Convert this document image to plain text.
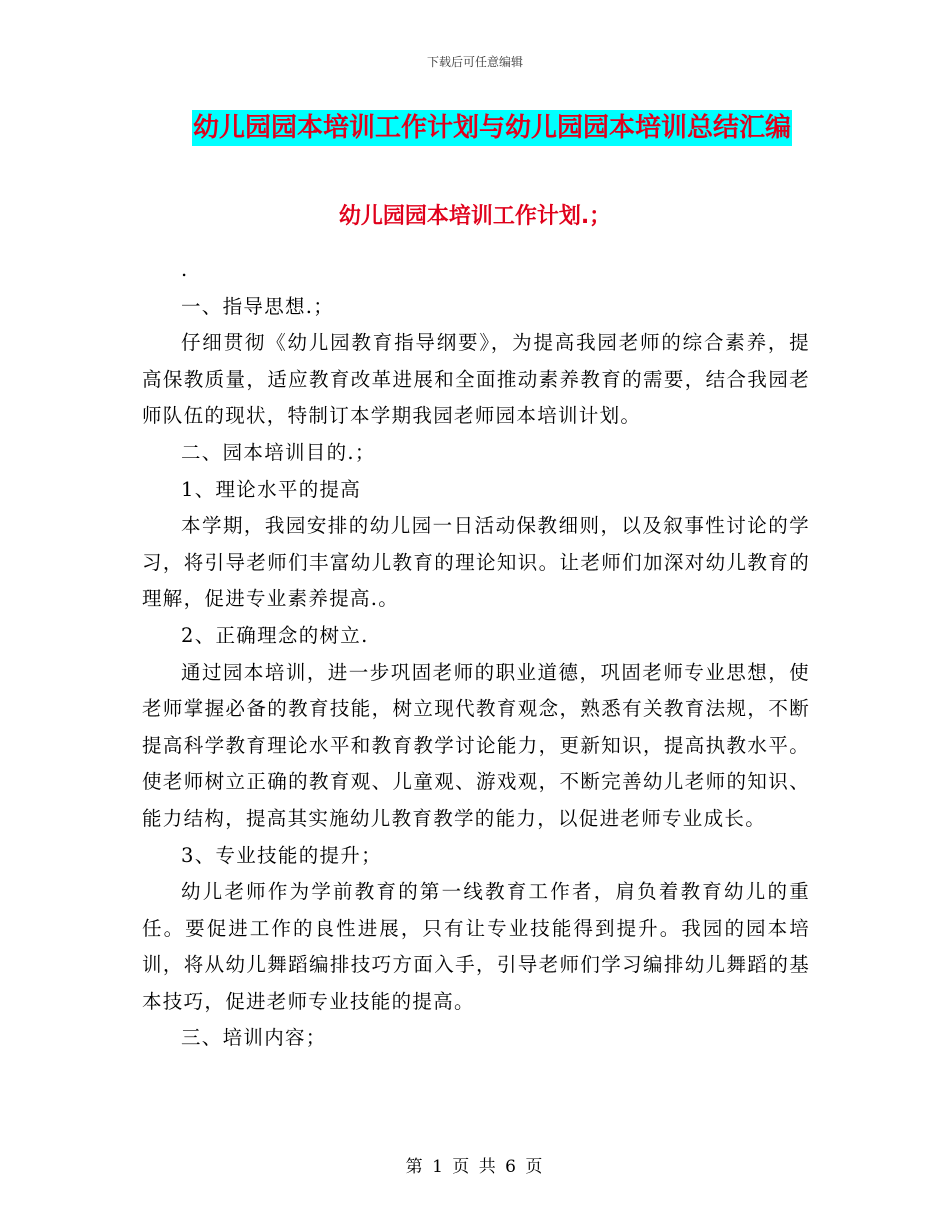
下载后可任意编辑
幼儿园园本培训工作计划与幼儿园园本培训总结汇编
幼儿园园本培训工作计划.；

.

一、指导思想.；

仔细贯彻《幼儿园教育指导纲要》，为提高我园老师的综合素养，提高保教质量，适应教育改革进展和全面推动素养教育的需要，结合我园老师队伍的现状，特制订本学期我园老师园本培训计划。

二、园本培训目的.；

1、理论水平的提高

本学期，我园安排的幼儿园一日活动保教细则，以及叙事性讨论的学习，将引导老师们丰富幼儿教育的理论知识。让老师们加深对幼儿教育的理解，促进专业素养提高.。

2、正确理念的树立.

通过园本培训，进一步巩固老师的职业道德，巩固老师专业思想，使老师掌握必备的教育技能，树立现代教育观念，熟悉有关教育法规，不断提高科学教育理论水平和教育教学讨论能力，更新知识，提高执教水平。使老师树立正确的教育观、儿童观、游戏观，不断完善幼儿老师的知识、能力结构，提高其实施幼儿教育教学的能力，以促进老师专业成长。

3、专业技能的提升；

幼儿老师作为学前教育的第一线教育工作者，肩负着教育幼儿的重任。要促进工作的良性进展，只有让专业技能得到提升。我园的园本培训，将从幼儿舞蹈编排技巧方面入手，引导老师们学习编排幼儿舞蹈的基本技巧，促进老师专业技能的提高。

三、培训内容；

第 1 页 共 6 页
